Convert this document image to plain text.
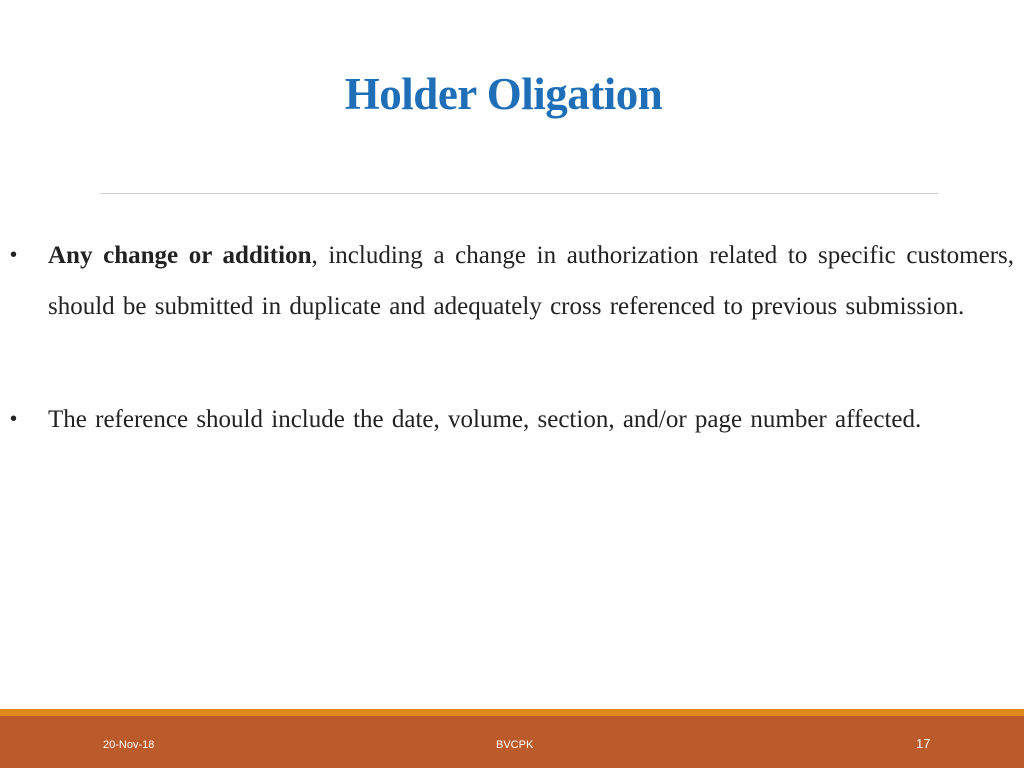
Holder Oligation
• Any change or addition, including a change in authorization related to specific customers, should be submitted in duplicate and adequately cross referenced to previous submission.
• The reference should include the date, volume, section, and/or page number affected.
20-Nov-18	BVCPK	17
